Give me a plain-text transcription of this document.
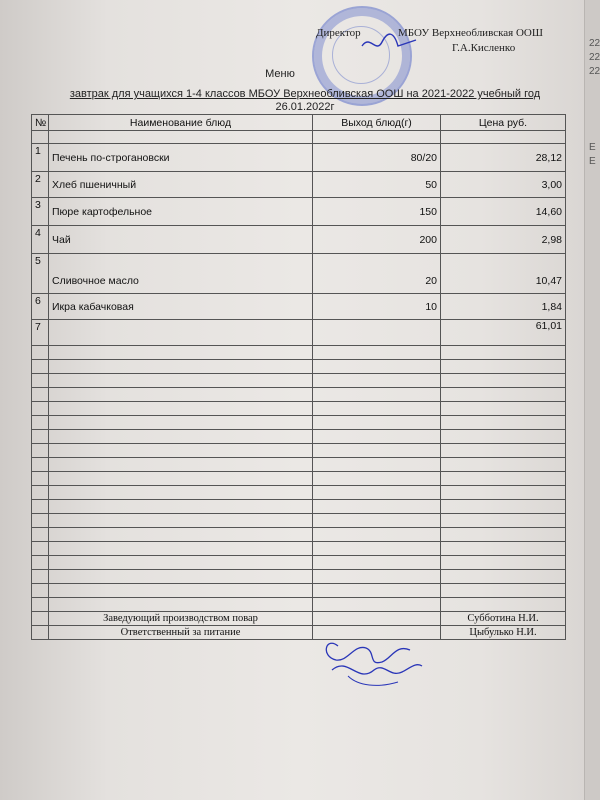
22
22
22
E
E
Директор	МБОУ Верхнеобливская ООШ
Г.А.Кисленко
Меню
завтрак для учащихся 1-4 классов МБОУ Верхнеобливская ООШ на 2021-2022 учебный год
26.01.2022г
№	Наименование блюд	Выход блюд(г)	Цена руб.

1	Печень по-строгановски	80/20	28,12
2	Хлеб пшеничный	50	3,00
3	Пюре картофельное	150	14,60
4	Чай	200	2,98
5	Сливочное масло	20	10,47
6	Икра кабачковая	10	1,84
7			61,01

	Заведующий производством повар		Субботина Н.И.
	Ответственный за питание		Цыбулько Н.И.
